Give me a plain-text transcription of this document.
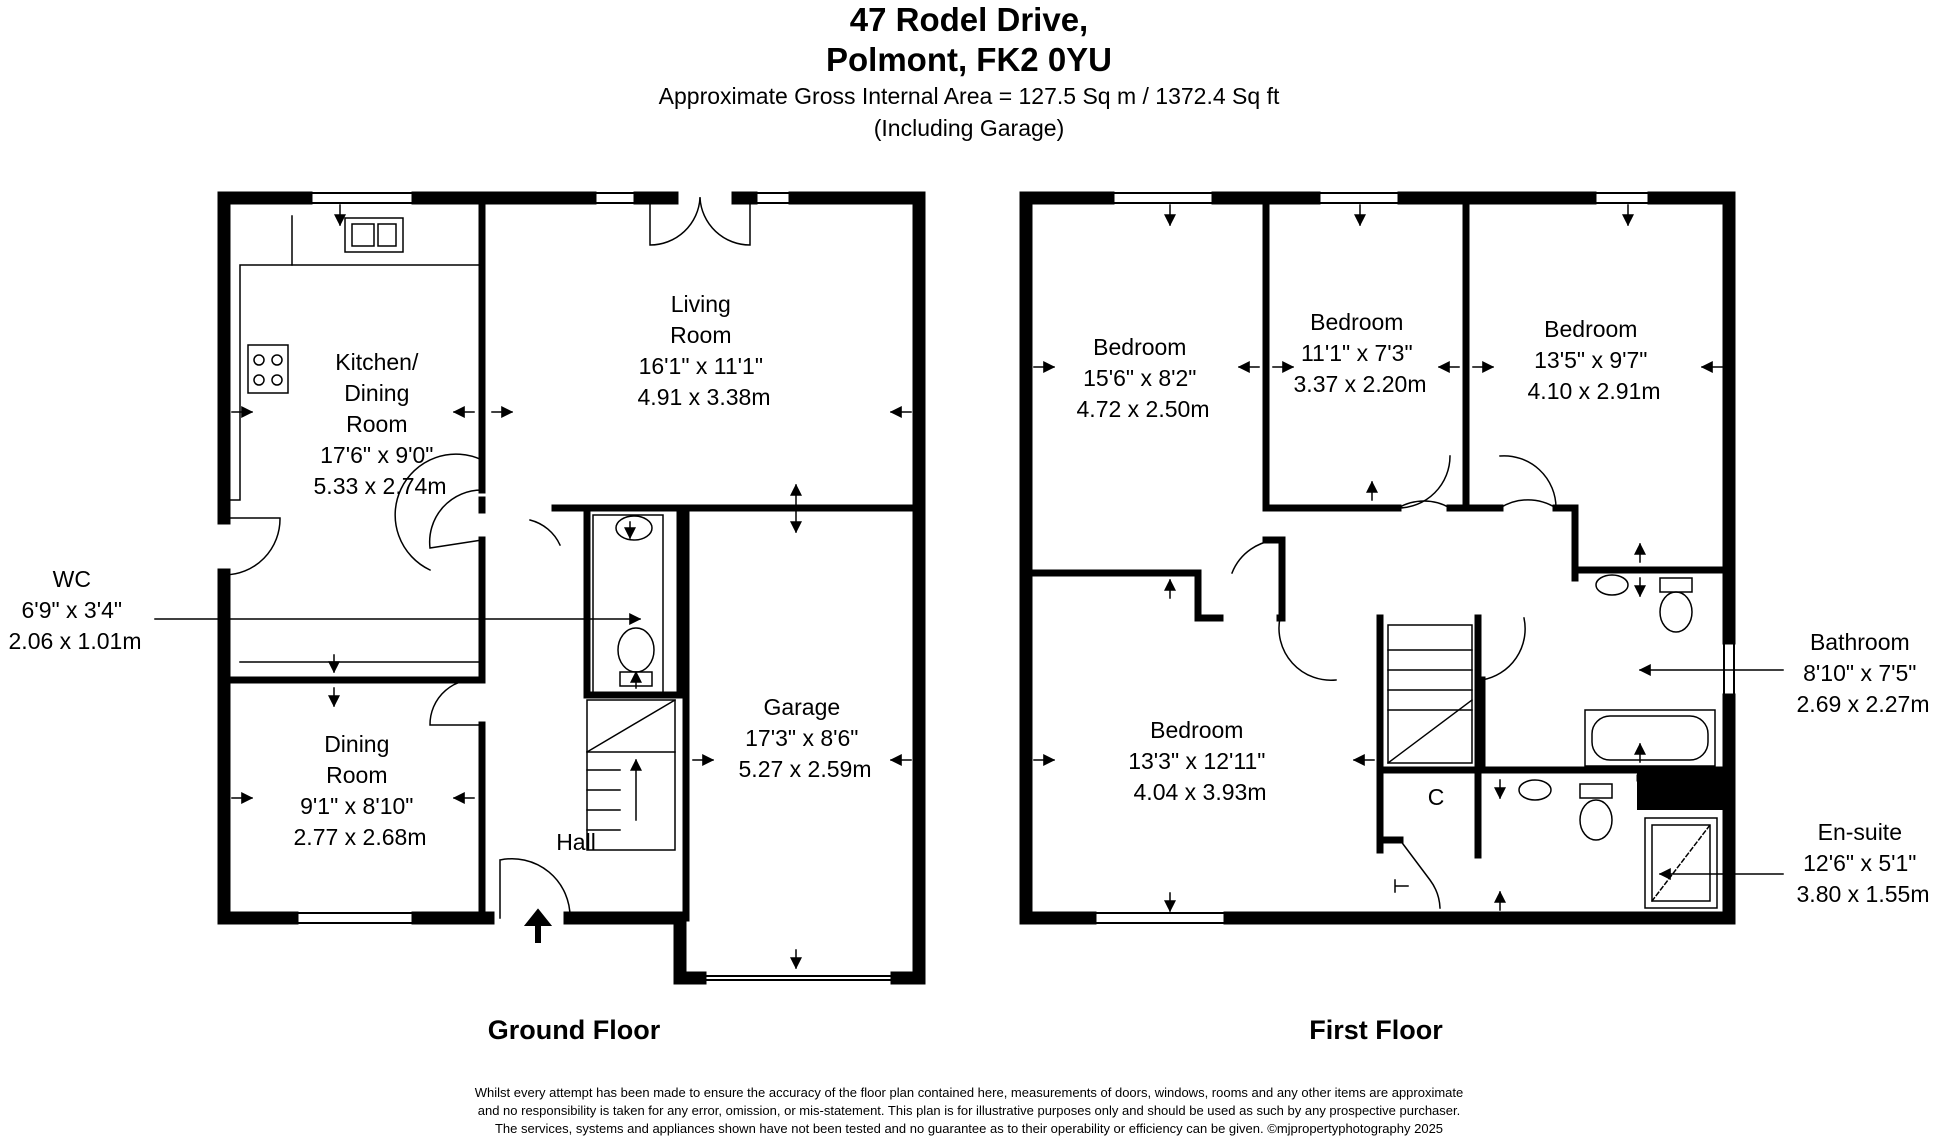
47 Rodel Drive,
Polmont, FK2 0YU
Approximate Gross Internal Area = 127.5 Sq m / 1372.4 Sq ft
(Including Garage)
Kitchen/ Dining Room 17'6" x 9'0" 5.33 x 2.74m
Living Room 16'1" x 11'1" 4.91 x 3.38m
Dining Room 9'1" x 8'10" 2.77 x 2.68m
Garage 17'3" x 8'6" 5.27 x 2.59m
Hall
WC 6'9" x 3'4" 2.06 x 1.01m
Bedroom 15'6" x 8'2" 4.72 x 2.50m
Bedroom 11'1" x 7'3" 3.37 x 2.20m
Bedroom 13'5" x 9'7" 4.10 x 2.91m
Bedroom 13'3" x 12'11" 4.04 x 3.93m	C
Bathroom 8'10" x 7'5" 2.69 x 2.27m
En-suite 12'6" x 5'1" 3.80 x 1.55m
Ground Floor	First Floor
Whilst every attempt has been made to ensure the accuracy of the floor plan contained here, measurements of doors, windows, rooms and any other items are approximate
and no responsibility is taken for any error, omission, or mis-statement. This plan is for illustrative purposes only and should be used as such by any prospective purchaser.
The services, systems and appliances shown have not been tested and no guarantee as to their operability or efficiency can be given. ©mjpropertyphotography 2025
